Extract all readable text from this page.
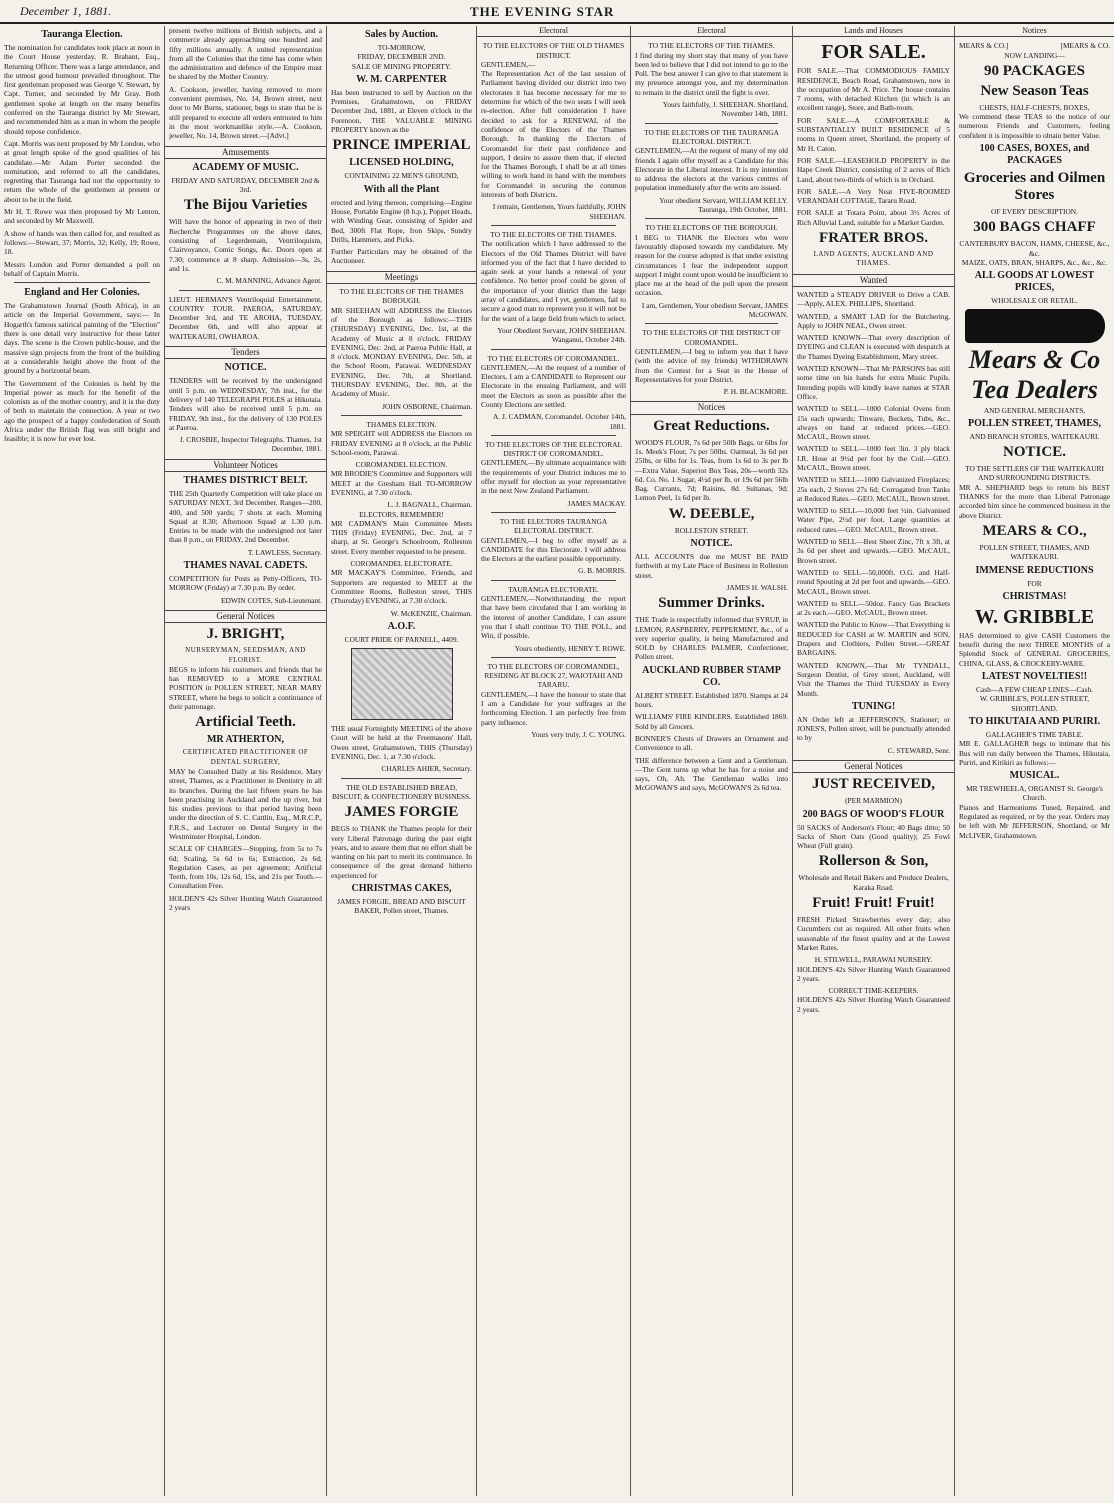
December 1, 1881.	THE EVENING STAR
Tauranga Election.

The nomination for candidates took place at noon in the Court House yesterday, R. Brabant, Esq., Returning Officer. There was a large attendance, and the utmost good humour prevailed throughout. The first gentleman proposed was George V. Stewart, by Capt. Turner, and seconded by Mr Gray. Both gentlemen spoke at length on the many benefits conferred on the Tauranga district by Mr Stewart, and recommended him as a man in whom the people should repose confidence.

Capt. Morris was next proposed by Mr London, who at great length spoke of the good qualities of his candidate.—Mr Adam Porter seconded the nomination, and referred to all the candidates, regretting that Tauranga had not the opportunity to return the whole of the gentlemen at present or about to be in the field.

Mr H. T. Rowe was then proposed by Mr Lenton, and seconded by Mr Maxwell.

A show of hands was then called for, and resulted as follows:—Stewart, 37; Morris, 32; Kelly, 19; Rowe, 18.

Messrs London and Porter demanded a poll on behalf of Captain Morris.

England and Her Colonies.

The Grahamstown Journal (South Africa), in an article on the Imperial Government, says:— In Hogarth's famous satirical painting of the "Election" there is one detail very instructive for these latter days. The scene is the Crown public-house, and the massive sign projects from the front of the building at a considerable height above the front of the ground by a horizontal beam.

The Government of the Colonies is held by the Imperial power as much for the benefit of the colonists as of the mother country, and it is the duty of both to maintain the connection. A year or two ago the prospect of a happy confederation of South Africa under the British flag was still bright and feasible; it is now for ever lost.

present twelve millions of British subjects, and a commerce already approaching one hundred and fifty millions annually. A united representation from all the Colonies that the time has come when the administration and defence of the Empire must be shared by the Mother Country.

A. Cookson, jeweller, having removed to more convenient premises, No. 14, Brown street, next door to Mr Burns, stationer, begs to state that he is still prepared to execute all orders entrusted to him in the most workmanlike style.—A. Cookson, jeweller, No. 14, Brown street.—[Advt.]

Amusements
ACADEMY OF MUSIC.
FRIDAY AND SATURDAY, DECEMBER 2nd & 3rd.
The Bijou Varieties

Will have the honor of appearing in two of their Recherche Programmes on the above dates, consisting of Legerdemain, Ventriloquism, Clairvoyance, Comic Songs, &c. Doors open at 7.30; commence at 8 sharp. Admission—3s, 2s, and 1s.

C. M. MANNING, Advance Agent.

LIEUT. HERMAN'S Ventriloquial Entertainment, COUNTRY TOUR. PAEROA, SATURDAY, December 3rd, and TE AROHA, TUESDAY, December 6th, and will also appear at WAITEKAURI, OWHAROA.

Tenders
NOTICE.

TENDERS will be received by the undersigned until 5 p.m. on WEDNESDAY, 7th inst., for the delivery of 140 TELEGRAPH POLES at Hikutaia. Tenders will also be received until 5 p.m. on FRIDAY, 9th inst., for the delivery of 130 POLES at Paeroa.

J. CROSBIE, Inspector Telegraphs. Thames, 1st December, 1881.
Volunteer Notices
THAMES DISTRICT BELT.

THE 25th Quarterly Competition will take place on SATURDAY NEXT, 3rd December. Ranges—200, 400, and 500 yards; 7 shots at each. Morning Squad at 8.30; Afternoon Squad at 1.30 p.m. Entries to be made with the undersigned not later than 8 p.m., on FRIDAY, 2nd December.

T. LAWLESS, Secretary.
THAMES NAVAL CADETS.

COMPETITION for Posts as Petty-Officers, TO-MORROW (Friday) at 7.30 p.m. By order.

EDWIN COTES, Sub-Lieutenant.
General Notices
J. BRIGHT,
NURSERYMAN, SEEDSMAN, AND FLORIST.

BEGS to inform his customers and friends that he has REMOVED to a MORE CENTRAL POSITION in POLLEN STREET, NEAR MARY STREET, where he begs to solicit a continuance of their patronage.

Artificial Teeth.
MR ATHERTON,
CERTIFICATED PRACTITIONER OF DENTAL SURGERY,

MAY be Consulted Daily at his Residence, Mary street, Thames, as a Practitioner in Dentistry in all its branches. During the last fifteen years he has been practising in Auckland and the up river, but his studies previous to that period having been under the direction of S. C. Cattlin, Esq., M.R.C.P., F.R.S., and Lecturer on Dental Surgery in the Westminster Hospital, London.

SCALE OF CHARGES—Stopping, from 5s to 7s 6d; Scaling, 5s 6d to 6s; Extraction, 2s 6d; Regulation Cases, as per agreement; Artificial Teeth, from 10s, 12s 6d, 15s, and 21s per Tooth.—Consultation Free.

HOLDEN'S 42s Silver Hunting Watch Guaranteed 2 years

Sales by Auction.
TO-MORROW,
FRIDAY, DECEMBER 2ND.
SALE OF MINING PROPERTY.
W. M. CARPENTER

Has been instructed to sell by Auction on the Premises, Grahamstown, on FRIDAY December 2nd, 1881, at Eleven o'clock in the Forenoon, THE VALUABLE MINING PROPERTY known as the

PRINCE IMPERIAL
LICENSED HOLDING,
CONTAINING 22 MEN'S GROUND,
With all the Plant

erected and lying thereon, comprising—Engine House, Portable Engine (8 h.p.), Poppet Heads, with Winding Gear, consisting of Spider and Bed, 300ft Flat Rope, Iron Skips, Sundry Drills, Hammers, and Picks.

Further Particulars may be obtained of the Auctioneer.

Meetings
TO THE ELECTORS OF THE THAMES BOROUGH.

MR SHEEHAN will ADDRESS the Electors of the Borough as follows:—THIS (THURSDAY) EVENING, Dec. 1st, at the Academy of Music at 8 o'clock. FRIDAY EVENING, Dec. 2nd, at Paeroa Public Hall, at 8 o'clock. MONDAY EVENING, Dec. 5th, at the School Room, Parawai. WEDNESDAY EVENING, Dec. 7th, at Shortland. THURSDAY EVENING, Dec. 8th, at the Academy of Music.

JOHN OSBORNE, Chairman.
THAMES ELECTION.

MR SPEIGHT will ADDRESS the Electors on FRIDAY EVENING at 8 o'clock, at the Public School-room, Parawai.

COROMANDEL ELECTION.

MR BRODIE'S Committee and Supporters will MEET at the Gresham Hall TO-MORROW EVENING, at 7.30 o'clock.

L. J. BAGNALL, Chairman.
ELECTORS, REMEMBER!

MR CADMAN'S Main Committee Meets THIS (Friday) EVENING, Dec. 2nd, at 7 sharp, at St. George's Schoolroom, Rolleston street. Every member requested to be present.

COROMANDEL ELECTORATE.

MR MACKAY'S Committee, Friends, and Supporters are requested to MEET at the Committee Rooms, Rolleston street, THIS (Thursday) EVENING, at 7.30 o'clock.

W. McKENZIE, Chairman.
A.O.F.
COURT PRIDE OF PARNELL, 4409.

THE usual Fortnightly MEETING of the above Court will be held at the Freemasons' Hall, Owen street, Grahamstown, THIS (Thursday) EVENING, Dec. 1, at 7.30 o'clock.

CHARLES AHIER, Secretary.
THE OLD ESTABLISHED BREAD, BISCUIT, & CONFECTIONERY BUSINESS.
JAMES FORGIE

BEGS to THANK the Thames people for their very Liberal Patronage during the past eight years, and to assure them that no effort shall be wanting on his part to merit its continuance. In consequence of the great demand hitherto experienced for

CHRISTMAS CAKES,
JAMES FORGIE, BREAD AND BISCUIT BAKER, Pollen street, Thames.
Electoral
TO THE ELECTORS OF THE OLD THAMES DISTRICT.
GENTLEMEN,—

The Representation Act of the last session of Parliament having divided our district into two electorates it has become necessary for me to determine for which of the two seats I will seek re-election. After full consideration I have decided to ask for a RENEWAL of the confidence of the Electors of the Thames Borough. In thanking the Electors of Coromandel for their past confidence and support, I desire to assure them that, if elected for the Thames Borough, I shall be at all times willing to work hand in hand with the members for Coromandel in securing the common interests of both Districts.

I remain, Gentlemen, Yours faithfully, JOHN SHEEHAN.
TO THE ELECTORS OF THE THAMES.

The notification which I have addressed to the Electors of the Old Thames District will have informed you of the fact that I have decided to again seek at your hands a renewal of your confidence. No better proof could be given of the importance of your district than the large array of candidates, and I yet, gentlemen, fail to secure a good man to represent you it will not be for the want of a large field from which to select.

Your Obedient Servant, JOHN SHEEHAN. Wanganui, October 24th.
TO THE ELECTORS OF COROMANDEL.

GENTLEMEN,—At the request of a number of Electors, I am a CANDIDATE to Represent our Electorate in the ensuing Parliament, and will meet the Electors as soon as possible after the County Elections are settled.

A. J. CADMAN, Coromandel. October 14th, 1881.
TO THE ELECTORS OF THE ELECTORAL DISTRICT OF COROMANDEL.

GENTLEMEN,—By ultimate acquaintance with the requirements of your District induces me to offer myself for election as your representative in the next New Zealand Parliament.

JAMES MACKAY.
TO THE ELECTORS TAURANGA ELECTORAL DISTRICT.

GENTLEMEN,—I beg to offer myself as a CANDIDATE for this Electorate. I will address the Electors at the earliest possible opportunity.

G. B. MORRIS.
TAURANGA ELECTORATE.

GENTLEMEN,—Notwithstanding the report that have been circulated that I am working in the interest of another Candidate, I can assure you that I shall continue TO THE POLL, and Win, if possible.

Yours obediently, HENRY T. ROWE.
TO THE ELECTORS OF COROMANDEL, RESIDING AT BLOCK 27, WAIOTAHI AND TARARU.

GENTLEMEN,—I have the honour to state that I am a Candidate for your suffrages at the forthcoming Election. I am perfectly free from party influence.

Yours very truly, J. C. YOUNG.
Electoral
TO THE ELECTORS OF THE THAMES.

I find during my short stay that many of you have been led to believe that I did not intend to go to the Poll. The best answer I can give to that statement is my presence amongst you, and my determination to remain in the district until the fight is over.

Yours faithfully, J. SHEEHAN. Shortland, November 14th, 1881.
TO THE ELECTORS OF THE TAURANGA ELECTORAL DISTRICT.

GENTLEMEN,—At the request of many of my old friends I again offer myself as a Candidate for this Electorate in the Liberal interest. It is my intention to address the electors at the various centres of population immediately after the writs are issued.

Your obedient Servant, WILLIAM KELLY. Tauranga, 19th October, 1881.
TO THE ELECTORS OF THE BOROUGH.

I BEG to THANK the Electors who were favourably disposed towards my candidature. My reason for the course adopted is that under existing circumstances I fear the independent support support I might count upon would be insufficient to place me at the head of the poll upon the present occasion.

I am, Gentlemen, Your obedient Servant, JAMES McGOWAN.
TO THE ELECTORS OF THE DISTRICT OF COROMANDEL.

GENTLEMEN,—I beg to inform you that I have (with the advice of my friends) WITHDRAWN from the Contest for a Seat in the House of Representatives for your District.

P. H. BLACKMORE.
Notices
Great Reductions.

WOOD'S FLOUR, 7s 6d per 50lb Bags, or 6lbs for 1s. Meek's Flour, 7s per 50lbs. Oatmeal, 3s 6d per 25lbs, or 6lbs for 1s. Teas, from 1s 6d to 3s per lb—Extra Value. Superior Box Teas, 20s—worth 32s 6d. Co. No. 1 Sugar, 4½d per lb, or 19s 6d per 56lb Bag. Currants, 7d; Raisins, 8d. Sultanas, 9d; Lemon Peel, 1s 6d per lb.

W. DEEBLE,
ROLLESTON STREET.
NOTICE.

ALL ACCOUNTS due me MUST BE PAID forthwith at my Late Place of Business in Rolleston street.

JAMES H. WALSH.
Summer Drinks.

THE Trade is respectfully informed that SYRUP, in LEMON, RASPBERRY, PEPPERMINT, &c., of a very superior quality, is being Manufactured and SOLD by CHARLES PALMER, Confectioner, Pollen street.

AUCKLAND RUBBER STAMP CO.

ALBERT STREET. Established 1870. Stamps at 24 hours.

WILLIAMS' FIRE KINDLERS. Established 1869. Sold by all Grocers.

BONNER'S Chests of Drawers an Ornament and Convenience to all.

THE difference between a Gent and a Gentleman.—The Gent turns up what he has for a noise and says, Oh, Ah. The Gentleman walks into McGOWAN'S and says, McGOWAN'S 2s 6d tea.

Lands and Houses
FOR SALE.

FOR SALE.—That COMMODIOUS FAMILY RESIDENCE, Beach Road, Grahamstown, now in the occupation of Mr A. Price. The house contains 7 rooms, with detached Kitchen (in which is an excellent range), Store, and Bath-room.

FOR SALE.—A COMFORTABLE & SUBSTANTIALLY BUILT RESIDENCE of 5 rooms in Queen street, Shortland, the property of Mr H. Caton.

FOR SALE.—LEASEHOLD PROPERTY in the Hape Creek District, consisting of 2 acres of Rich Land, about two-thirds of which is in Orchard.

FOR SALE.—A Very Neat FIVE-ROOMED VERANDAH COTTAGE, Tararu Road.

FOR SALE at Totara Point, about 3½ Acres of Rich Alluvial Land, suitable for a Market Garden.

FRATER BROS.
LAND AGENTS, AUCKLAND AND THAMES.
Wanted

WANTED a STEADY DRIVER to Drive a CAB.—Apply, ALEX. PHILLIPS, Shortland.

WANTED, a SMART LAD for the Butchering, Apply to JOHN NEAL, Owen street.

WANTED KNOWN—That every description of DYEING and CLEAN is executed with despatch at the Thames Dyeing Establishment, Mary street.

WANTED KNOWN—That Mr PARSONS has still some time on his hands for extra Music Pupils. Intending pupils will kindly leave names at STAR Office.

WANTED to SELL—1000 Colonial Ovens from 15s each upwards; Tinware, Buckets, Tubs, &c., always on hand at reduced prices.—GEO. McCAUL, Brown street.

WANTED to SELL—1000 feet 3in. 3 ply black I.R. Hose at 9½d per foot by the Coil.—GEO. McCAUL, Brown street.

WANTED to SELL—1000 Galvanized Fireplaces; 25s each, 2 Stoves 27s 6d; Corrugated Iron Tanks at Reduced Rates.—GEO. McCAUL, Brown street.

WANTED to SELL—10,000 feet ½in. Galvanised Water Pipe, 2½d per foot. Large quantities at reduced rates.—GEO. McCAUL, Brown street.

WANTED to SELL—Best Sheet Zinc, 7ft x 3ft, at 3s 6d per sheet and upwards.—GEO. McCAUL, Brown street.

WANTED to SELL—50,000ft. O.G. and Half-round Spouting at 2d per foot and upwards.—GEO. McCAUL, Brown street.

WANTED to SELL—50doz. Fancy Gas Brackets at 2s each.—GEO. McCAUL, Brown street.

WANTED the Public to Know—That Everything is REDUCED for CASH at W. MARTIN and SON, Drapers and Clothiers, Pollen Street.—GREAT BARGAINS.

WANTED KNOWN,—That Mr TYNDALL, Surgeon Dentist, of Grey street, Auckland, will Visit the Thames the Third TUESDAY in Every Month.

TUNING!

AN Order left at JEFFERSON'S, Stationer; or JONES'S, Pollen street, will be punctually attended to by

C. STEWARD, Senr.
General Notices
JUST RECEIVED,
(PER MARMION)
200 BAGS OF WOOD'S FLOUR

50 SACKS of Anderson's Flour; 40 Bags ditto; 50 Sacks of Short Oats (Good quality); 25 Fowl Wheat (Full grain).

Rollerson & Son,
Wholesale and Retail Bakers and Produce Dealers, Karaka Road.
Fruit! Fruit! Fruit!

FRESH Picked Strawberries every day; also Cucumbers cut as required. All other fruits when seasonable of the finest quality and at the Lowest Market Rates.

H. STILWELL, PARAWAI NURSERY.

HOLDEN'S 42s Silver Hunting Watch Guaranteed 2 years.

CORRECT TIME-KEEPERS.

HOLDEN'S 42s Silver Hunting Watch Guaranteed 2 years.

Notices
MEARS & CO.]	[MEARS & CO.
NOW LANDING—
90 PACKAGES
New Season Teas
CHESTS, HALF-CHESTS, BOXES,

We commend these TEAS to the notice of our numerous Friends and Customers, feeling confident it is impossible to obtain better Value.

100 CASES, BOXES, and PACKAGES
Groceries and Oilmen Stores
OF EVERY DESCRIPTION.
300 BAGS CHAFF
CANTERBURY BACON, HAMS, CHEESE, &c., &c.
MAIZE, OATS, BRAN, SHARPS, &c., &c., &c.
ALL GOODS AT LOWEST PRICES,
WHOLESALE OR RETAIL.
Mears & Co
Tea Dealers
AND GENERAL MERCHANTS,
POLLEN STREET, THAMES,
AND BRANCH STORES, WAITEKAURI.
NOTICE.
TO THE SETTLERS OF THE WAITEKAURI AND SURROUNDING DISTRICTS.

MR A. SHEPHARD begs to return his BEST THANKS for the more than Liberal Patronage accorded him since he commenced business in the above District.

MEARS & CO.,
POLLEN STREET, THAMES, AND WAITEKAURI.
IMMENSE REDUCTIONS
FOR
CHRISTMAS!
W. GRIBBLE

HAS determined to give CASH Customers the benefit during the next THREE MONTHS of a Splendid Stock of GENERAL GROCERIES, CHINA, GLASS, & CROCKERY-WARE.

LATEST NOVELTIES!!
Cash—A FEW CHEAP LINES—Cash.
W. GRIBBLE'S, POLLEN STREET, SHORTLAND.
TO HIKUTAIA AND PURIRI.
GALLAGHER'S TIME TABLE.

MR E. GALLAGHER begs to intimate that his Bus will run daily between the Thames, Hikutaia, Puriri, and Kirikiri as follows:—

MUSICAL.
MR TREWHEELA, ORGANIST St. George's Church.

Pianos and Harmoniums Tuned, Repaired, and Regulated as required, or by the year. Orders may be left with Mr JEFFERSON, Shortland, or Mr McLIVER, Grahamstown.
